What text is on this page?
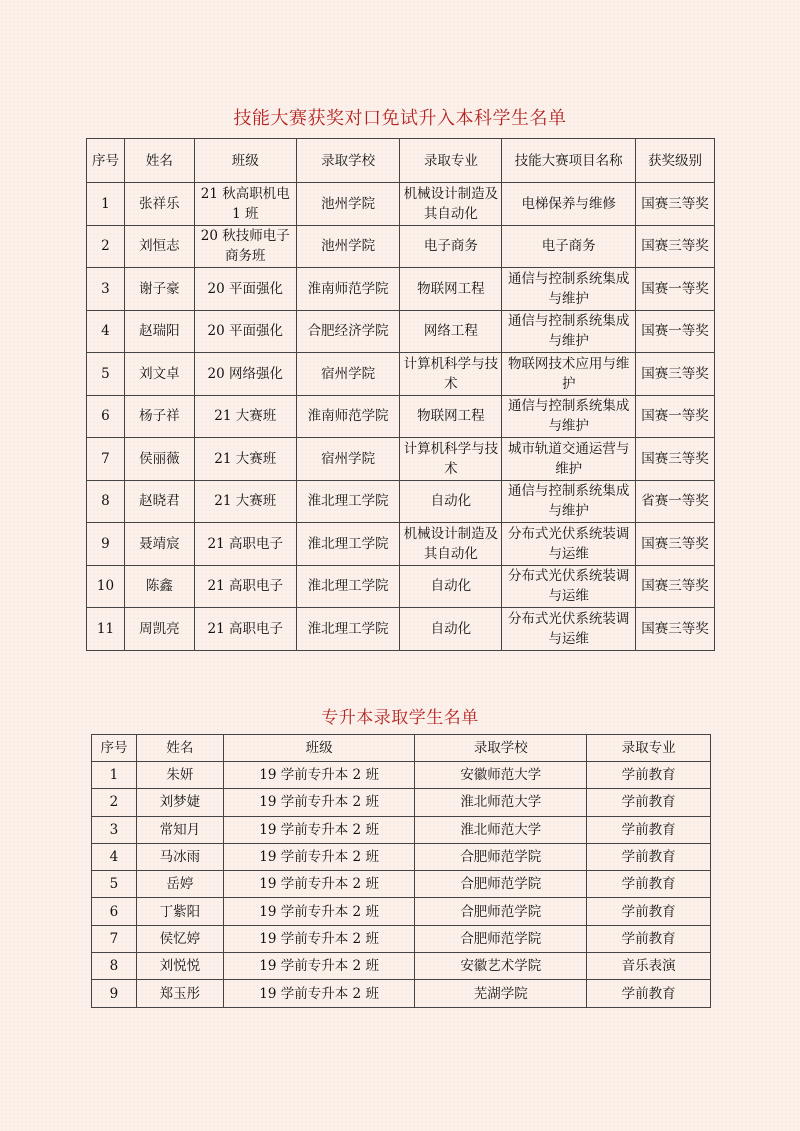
技能大赛获奖对口免试升入本科学生名单
序号	姓名	班级	录取学校	录取专业	技能大赛项目名称	获奖级别
1	张祥乐	21 秋高职机电 1 班	池州学院	机械设计制造及其自动化	电梯保养与维修	国赛三等奖
2	刘恒志	20 秋技师电子商务班	池州学院	电子商务	电子商务	国赛三等奖
3	谢子豪	20 平面强化	淮南师范学院	物联网工程	通信与控制系统集成与维护	国赛一等奖
4	赵瑞阳	20 平面强化	合肥经济学院	网络工程	通信与控制系统集成与维护	国赛一等奖
5	刘文卓	20 网络强化	宿州学院	计算机科学与技术	物联网技术应用与维护	国赛三等奖
6	杨子祥	21 大赛班	淮南师范学院	物联网工程	通信与控制系统集成与维护	国赛一等奖
7	侯丽薇	21 大赛班	宿州学院	计算机科学与技术	城市轨道交通运营与维护	国赛三等奖
8	赵晓君	21 大赛班	淮北理工学院	自动化	通信与控制系统集成与维护	省赛一等奖
9	聂靖宸	21 高职电子	淮北理工学院	机械设计制造及其自动化	分布式光伏系统装调与运维	国赛三等奖
10	陈鑫	21 高职电子	淮北理工学院	自动化	分布式光伏系统装调与运维	国赛三等奖
11	周凯亮	21 高职电子	淮北理工学院	自动化	分布式光伏系统装调与运维	国赛三等奖
专升本录取学生名单
序号	姓名	班级	录取学校	录取专业
1	朱妍	19 学前专升本 2 班	安徽师范大学	学前教育
2	刘梦婕	19 学前专升本 2 班	淮北师范大学	学前教育
3	常知月	19 学前专升本 2 班	淮北师范大学	学前教育
4	马冰雨	19 学前专升本 2 班	合肥师范学院	学前教育
5	岳婷	19 学前专升本 2 班	合肥师范学院	学前教育
6	丁紫阳	19 学前专升本 2 班	合肥师范学院	学前教育
7	侯忆婷	19 学前专升本 2 班	合肥师范学院	学前教育
8	刘悦悦	19 学前专升本 2 班	安徽艺术学院	音乐表演
9	郑玉彤	19 学前专升本 2 班	芜湖学院	学前教育
